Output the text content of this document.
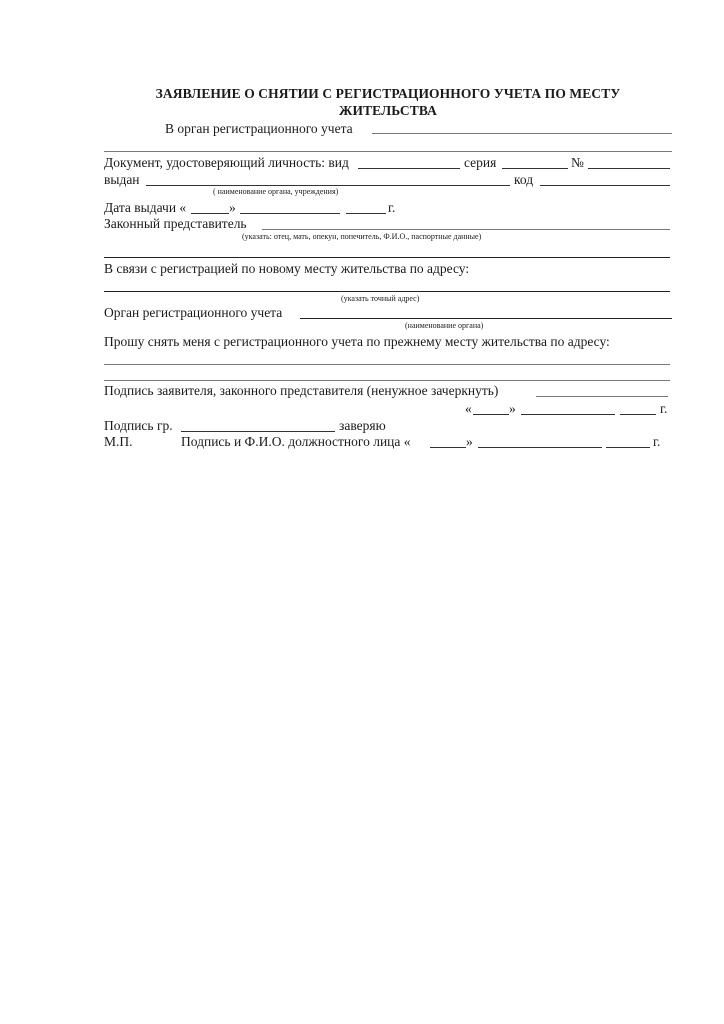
ЗАЯВЛЕНИЕ О СНЯТИИ С РЕГИСТРАЦИОННОГО УЧЕТА ПО МЕСТУ
ЖИТЕЛЬСТВА
В орган регистрационного учета
Документ, удостоверяющий личность: вид	серия	№
выдан	код
( наименование органа, учреждения)
Дата выдачи «	»	г.
Законный представитель
(указать: отец, мать, опекун, попечитель, Ф.И.О., паспортные данные)
В связи с регистрацией по новому месту жительства по адресу:
(указать точный адрес)
Орган регистрационного учета
(наименование органа)
Прошу снять меня с регистрационного учета по прежнему месту жительства по адресу:
Подпись заявителя, законного представителя (ненужное зачеркнуть)
«	»	г.
Подпись гр.	заверяю
М.П.	Подпись и Ф.И.О. должностного лица «	»	г.
